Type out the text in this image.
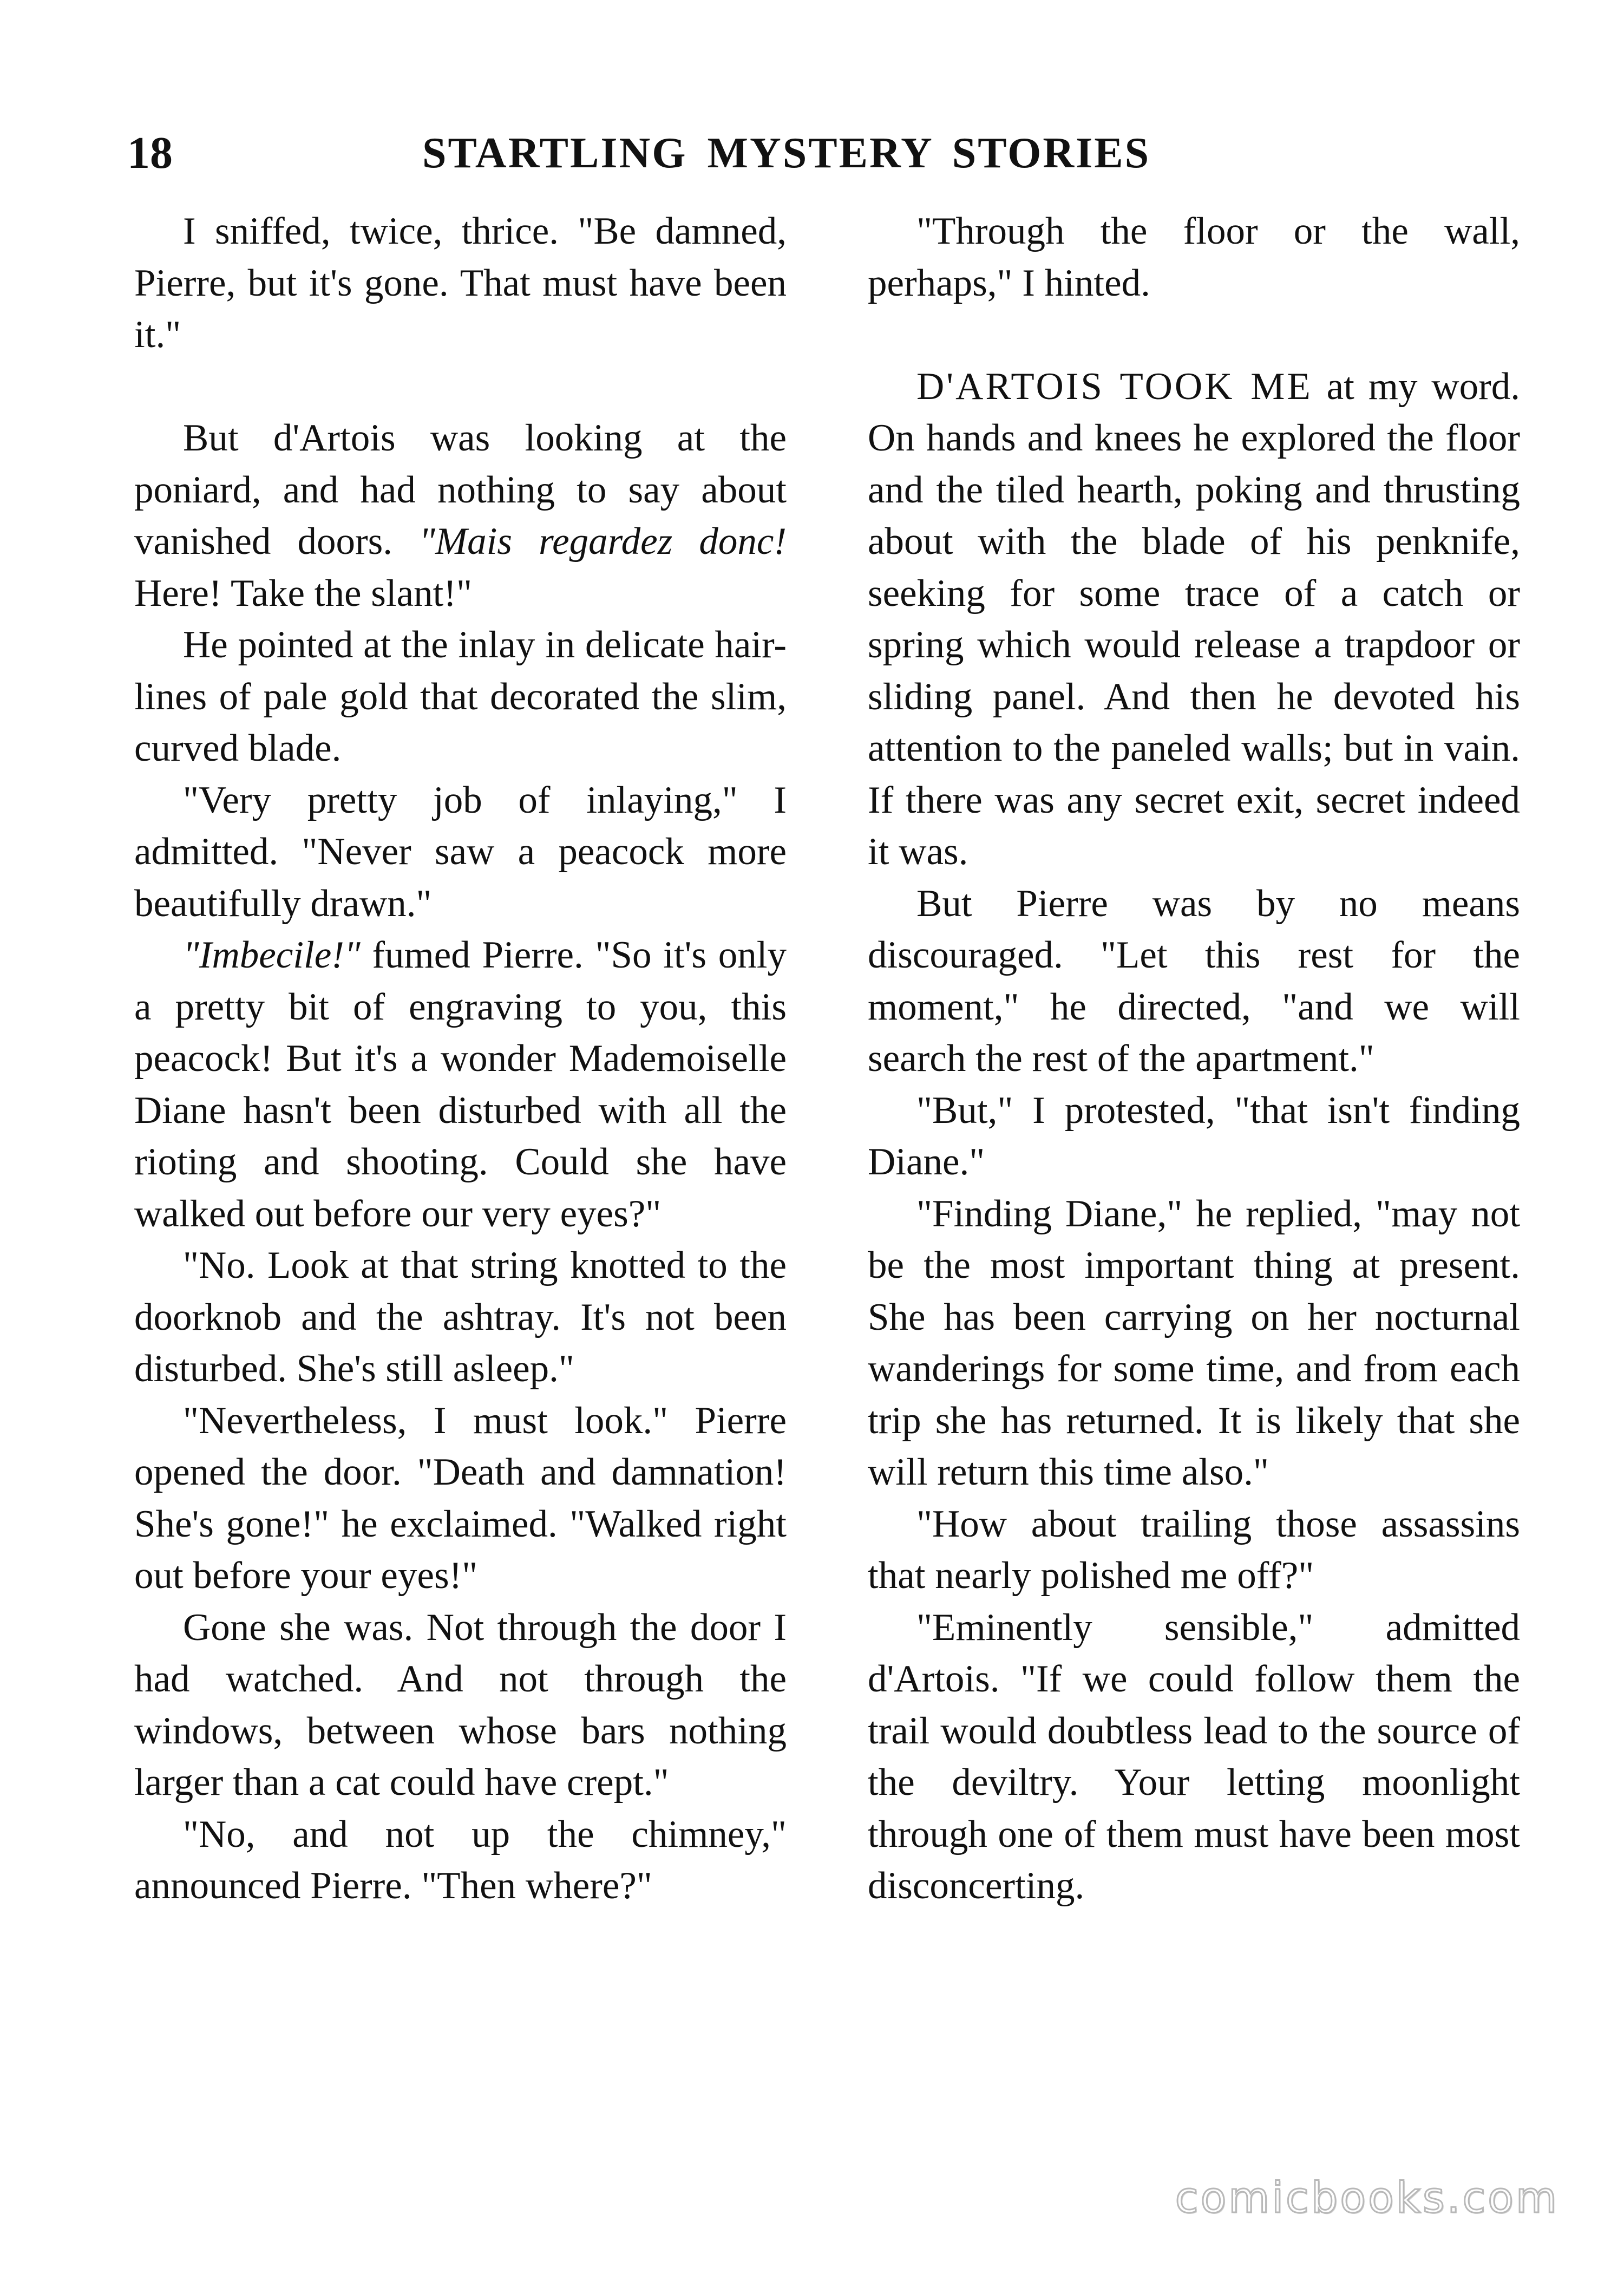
18	STARTLING MYSTERY STORIES

I sniffed, twice, thrice. "Be damned, Pierre, but it's gone. That must have been it."

But d'Artois was looking at the poniard, and had nothing to say about vanished doors. "Mais regardez donc! Here! Take the slant!"

He pointed at the inlay in delicate hair-lines of pale gold that decorated the slim, curved blade.

"Very pretty job of inlaying," I admitted. "Never saw a peacock more beautifully drawn."

"Imbecile!" fumed Pierre. "So it's only a pretty bit of engraving to you, this peacock! But it's a wonder Mademoiselle Diane hasn't been disturbed with all the rioting and shooting. Could she have walked out before our very eyes?"

"No. Look at that string knotted to the doorknob and the ashtray. It's not been disturbed. She's still asleep."

"Nevertheless, I must look." Pierre opened the door. "Death and damnation! She's gone!" he exclaimed. "Walked right out before your eyes!"

Gone she was. Not through the door I had watched. And not through the windows, between whose bars nothing larger than a cat could have crept."

"No, and not up the chimney," announced Pierre. "Then where?"

"Through the floor or the wall, perhaps," I hinted.

D'ARTOIS TOOK ME at my word. On hands and knees he explored the floor and the tiled hearth, poking and thrusting about with the blade of his penknife, seeking for some trace of a catch or spring which would release a trapdoor or sliding panel. And then he devoted his attention to the paneled walls; but in vain. If there was any secret exit, secret indeed it was.

But Pierre was by no means discouraged. "Let this rest for the moment," he directed, "and we will search the rest of the apartment."

"But," I protested, "that isn't finding Diane."

"Finding Diane," he replied, "may not be the most important thing at present. She has been carrying on her nocturnal wanderings for some time, and from each trip she has returned. It is likely that she will return this time also."

"How about trailing those assassins that nearly polished me off?"

"Eminently sensible," admitted d'Artois. "If we could follow them the trail would doubtless lead to the source of the deviltry. Your letting moonlight through one of them must have been most disconcerting.

comicbooks.com
